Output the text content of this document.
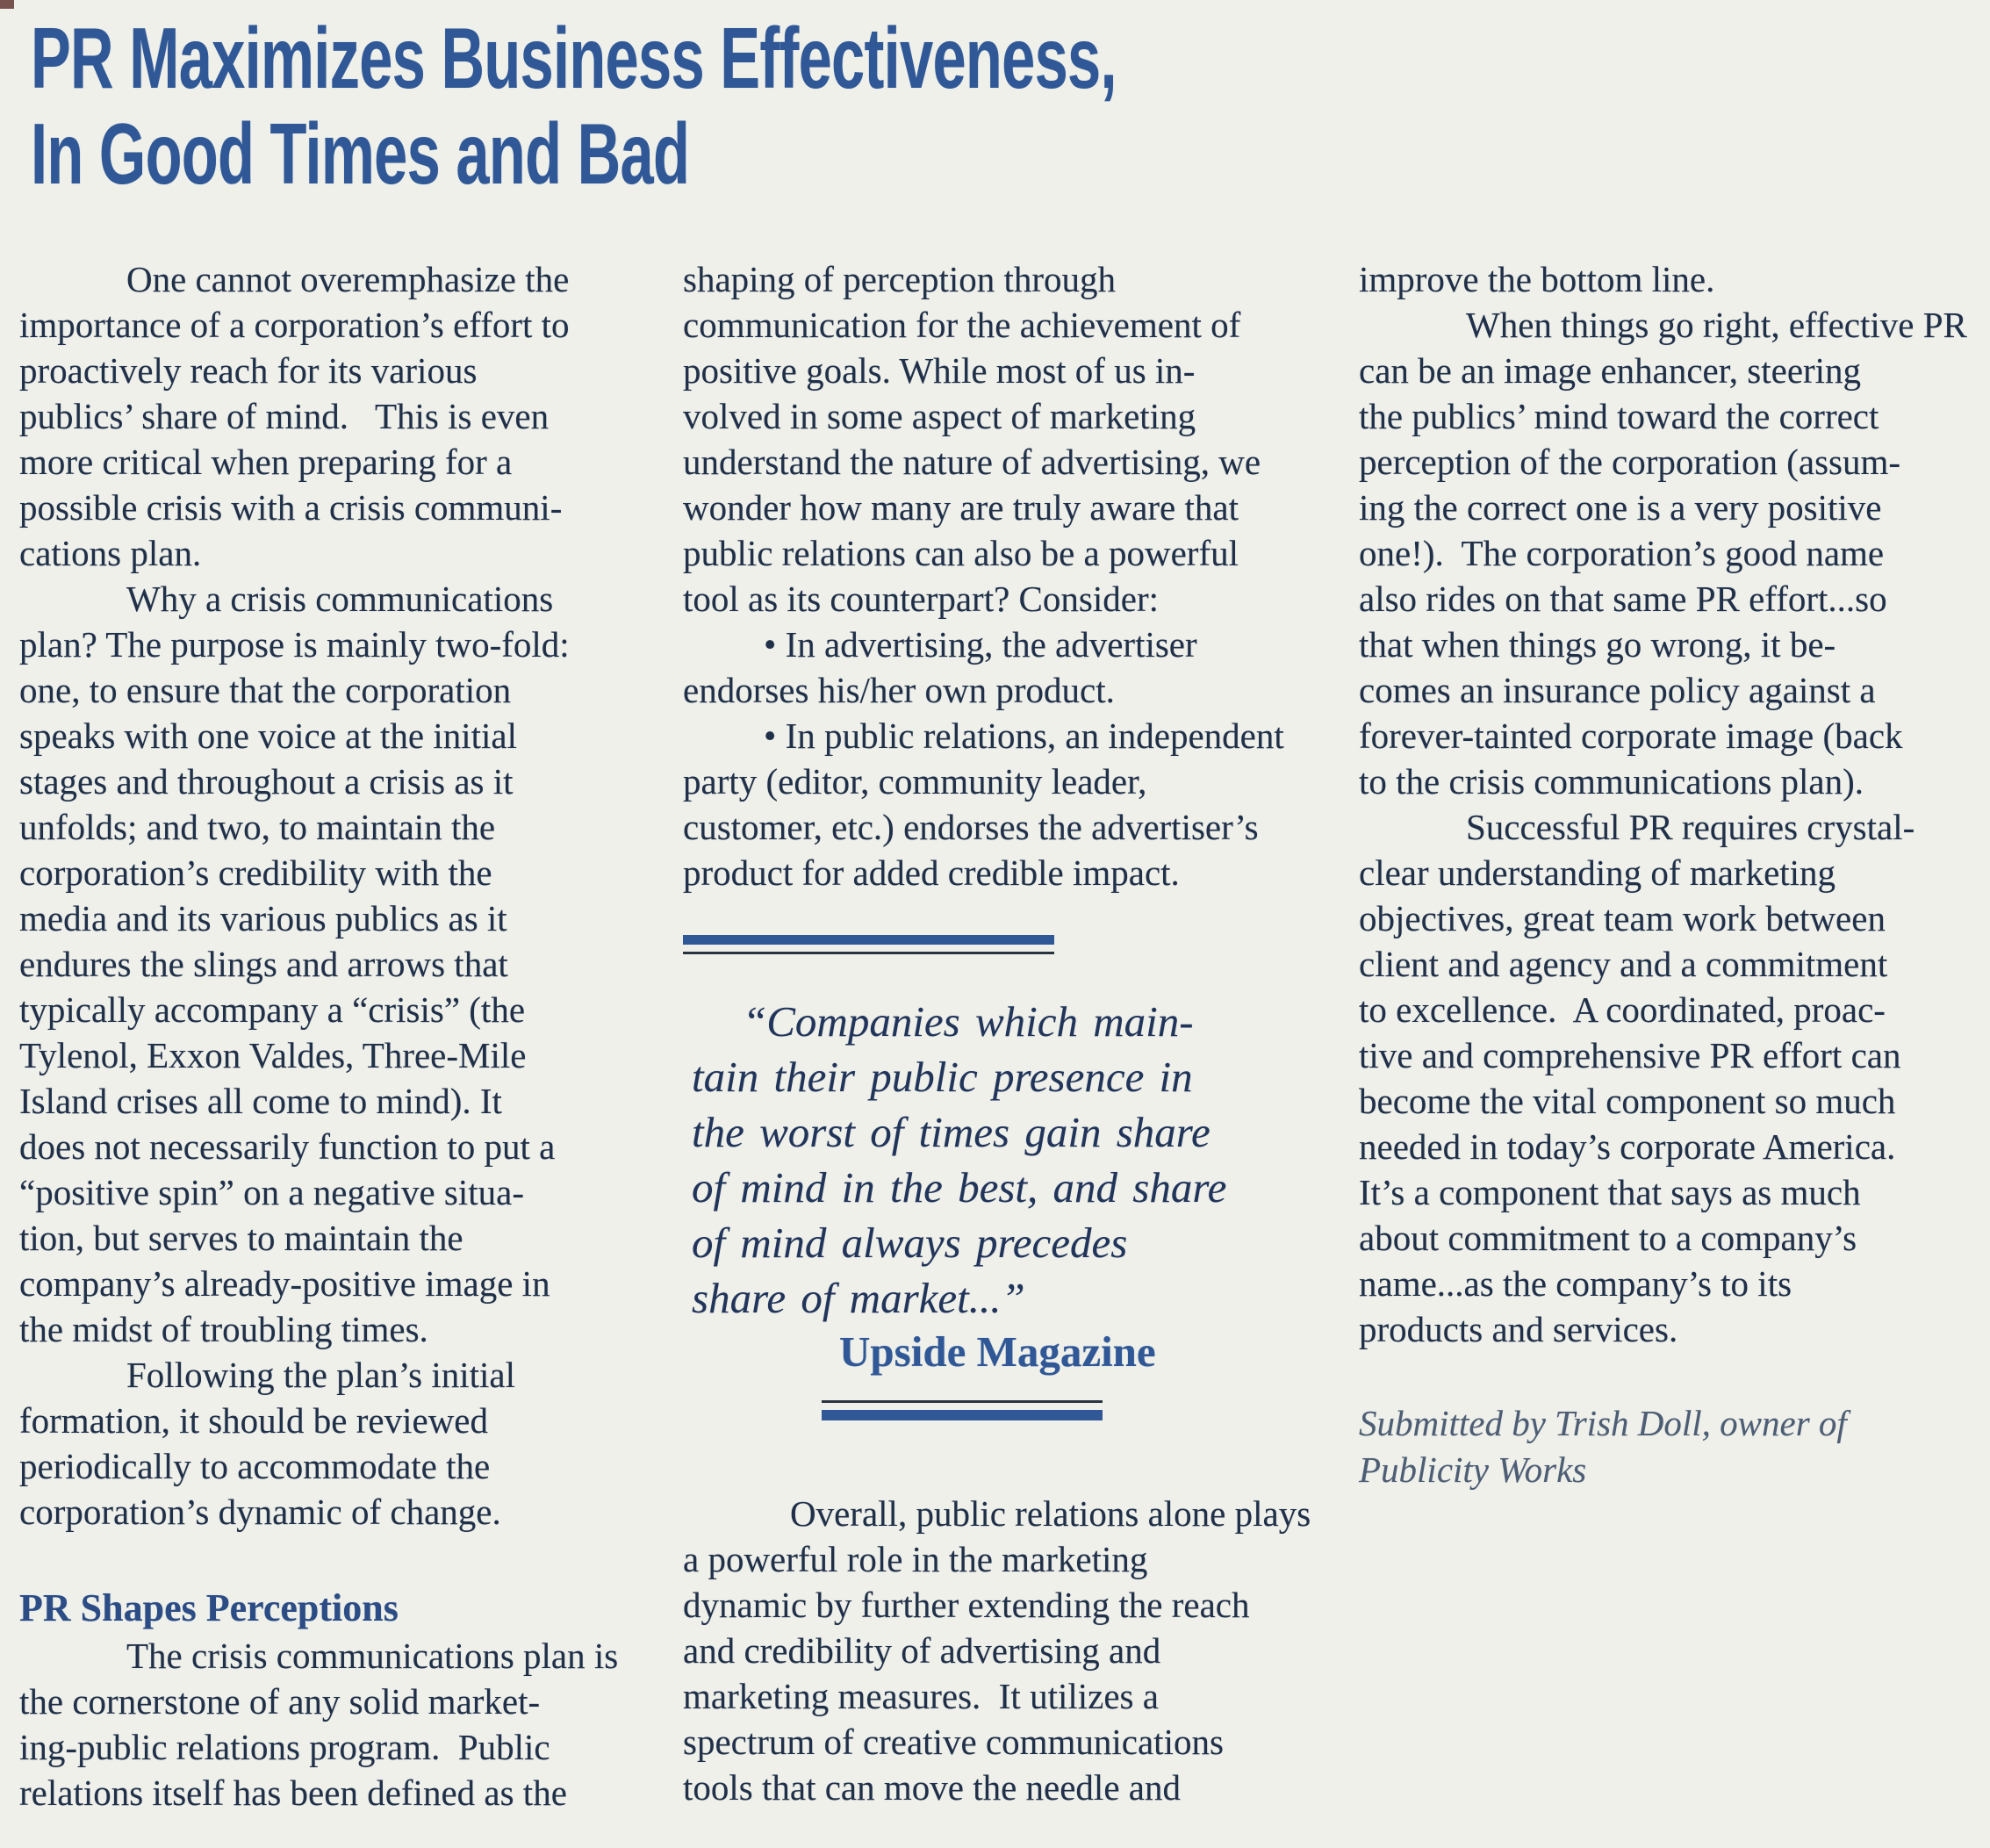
PR Maximizes Business Effectiveness,
In Good Times and Bad
One cannot overemphasize the
importance of a corporation’s effort to
proactively reach for its various
publics’ share of mind.   This is even
more critical when preparing for a
possible crisis with a crisis communi-
cations plan.
Why a crisis communications
plan? The purpose is mainly two-fold:
one, to ensure that the corporation
speaks with one voice at the initial
stages and throughout a crisis as it
unfolds; and two, to maintain the
corporation’s credibility with the
media and its various publics as it
endures the slings and arrows that
typically accompany a “crisis” (the
Tylenol, Exxon Valdes, Three-Mile
Island crises all come to mind). It
does not necessarily function to put a
“positive spin” on a negative situa-
tion, but serves to maintain the
company’s already-positive image in
the midst of troubling times.
Following the plan’s initial
formation, it should be reviewed
periodically to accommodate the
corporation’s dynamic of change.
PR Shapes Perceptions
The crisis communications plan is
the cornerstone of any solid market-
ing-public relations program.  Public
relations itself has been defined as the
shaping of perception through
communication for the achievement of
positive goals. While most of us in-
volved in some aspect of marketing
understand the nature of advertising, we
wonder how many are truly aware that
public relations can also be a powerful
tool as its counterpart? Consider:
• In advertising, the advertiser
endorses his/her own product.
• In public relations, an independent
party (editor, community leader,
customer, etc.) endorses the advertiser’s
product for added credible impact.
“Companies which main-
tain their public presence in
the worst of times gain share
of mind in the best, and share
of mind always precedes
share of market...”
Upside Magazine
Overall, public relations alone plays
a powerful role in the marketing
dynamic by further extending the reach
and credibility of advertising and
marketing measures.  It utilizes a
spectrum of creative communications
tools that can move the needle and
improve the bottom line.
When things go right, effective PR
can be an image enhancer, steering
the publics’ mind toward the correct
perception of the corporation (assum-
ing the correct one is a very positive
one!).  The corporation’s good name
also rides on that same PR effort...so
that when things go wrong, it be-
comes an insurance policy against a
forever-tainted corporate image (back
to the crisis communications plan).
Successful PR requires crystal-
clear understanding of marketing
objectives, great team work between
client and agency and a commitment
to excellence.  A coordinated, proac-
tive and comprehensive PR effort can
become the vital component so much
needed in today’s corporate America.
It’s a component that says as much
about commitment to a company’s
name...as the company’s to its
products and services.
Submitted by Trish Doll, owner of
Publicity Works
